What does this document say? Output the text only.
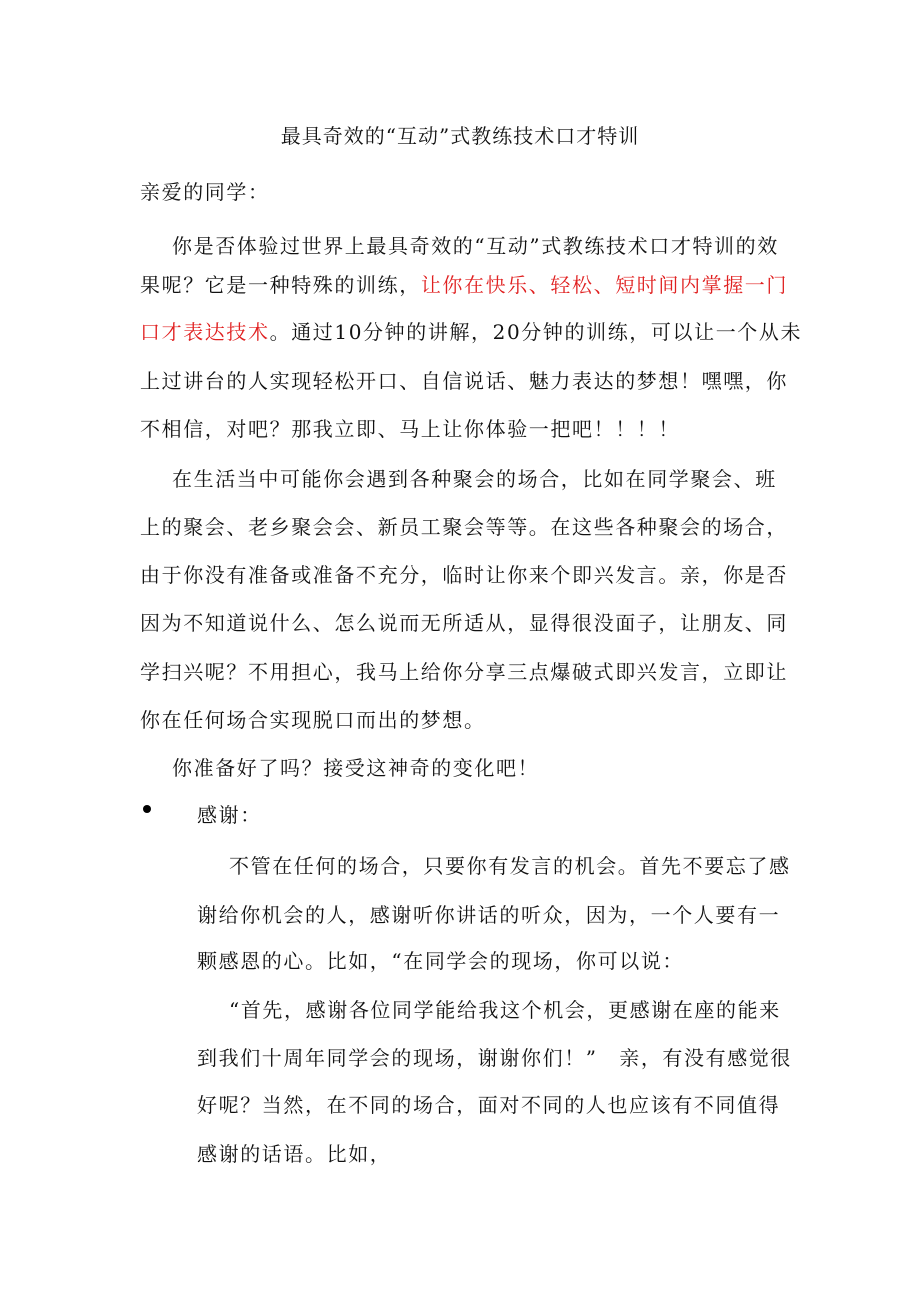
最具奇效的“互动”式教练技术口才特训
亲爱的同学：
你是否体验过世界上最具奇效的“互动”式教练技术口才特训的效
果呢？它是一种特殊的训练，让你在快乐、轻松、短时间内掌握一门
口才表达技术。通过10分钟的讲解，20分钟的训练，可以让一个从未
上过讲台的人实现轻松开口、自信说话、魅力表达的梦想！嘿嘿，你
不相信，对吧？那我立即、马上让你体验一把吧！！！！
在生活当中可能你会遇到各种聚会的场合，比如在同学聚会、班
上的聚会、老乡聚会会、新员工聚会等等。在这些各种聚会的场合，
由于你没有准备或准备不充分，临时让你来个即兴发言。亲，你是否
因为不知道说什么、怎么说而无所适从，显得很没面子，让朋友、同
学扫兴呢？不用担心，我马上给你分享三点爆破式即兴发言，立即让
你在任何场合实现脱口而出的梦想。
你准备好了吗？接受这神奇的变化吧！
感谢：
不管在任何的场合，只要你有发言的机会。首先不要忘了感
谢给你机会的人，感谢听你讲话的听众，因为，一个人要有一
颗感恩的心。比如，“在同学会的现场，你可以说：
“首先，感谢各位同学能给我这个机会，更感谢在座的能来
到我们十周年同学会的现场，谢谢你们！”　亲，有没有感觉很
好呢？当然，在不同的场合，面对不同的人也应该有不同值得
感谢的话语。比如，
